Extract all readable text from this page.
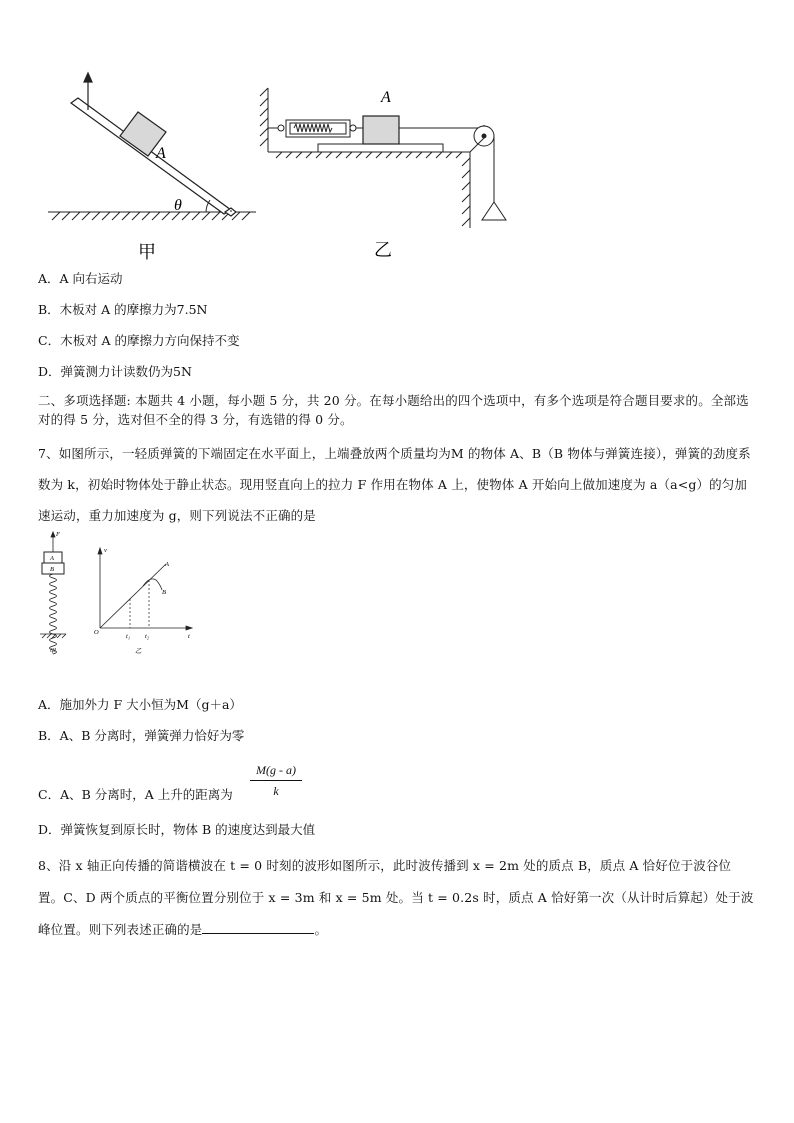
A
θ
甲
A
乙
A．A 向右运动
B．木板对 A 的摩擦力为7.5N
C．木板对 A 的摩擦力方向保持不变
D．弹簧测力计读数仍为5N
二、多项选择题: 本题共 4 小题，每小题 5 分，共 20 分。在每小题给出的四个选项中，有多个选项是符合题目要求的。全部选对的得 5 分，选对但不全的得 3 分，有选错的得 0 分。
7、如图所示，一轻质弹簧的下端固定在水平面上，上端叠放两个质量均为M 的物体 A、B（B 物体与弹簧连接），弹簧的劲度系数为 k，初始时物体处于静止状态。现用竖直向上的拉力 F 作用在物体 A 上，使物体 A 开始向上做加速度为 a（a<g）的匀加速运动，重力加速度为 g，则下列说法不正确的是
F
A
B
甲
v
O
t
A
B
t₁ t₂
乙
A．施加外力 F 大小恒为M（g＋a）
B．A、B 分离时，弹簧弹力恰好为零
C．A、B 分离时，A 上升的距离为 $\frac{M(g - a)}{k}$
D．弹簧恢复到原长时，物体 B 的速度达到最大值
8、沿 x 轴正向传播的简谐横波在 t = 0 时刻的波形如图所示，此时波传播到 x = 2m 处的质点 B，质点 A 恰好位于波谷位置。C、D 两个质点的平衡位置分别位于 x = 3m 和 x = 5m 处。当 t = 0.2s 时，质点 A 恰好第一次（从计时后算起）处于波峰位置。则下列表述正确的是	。
